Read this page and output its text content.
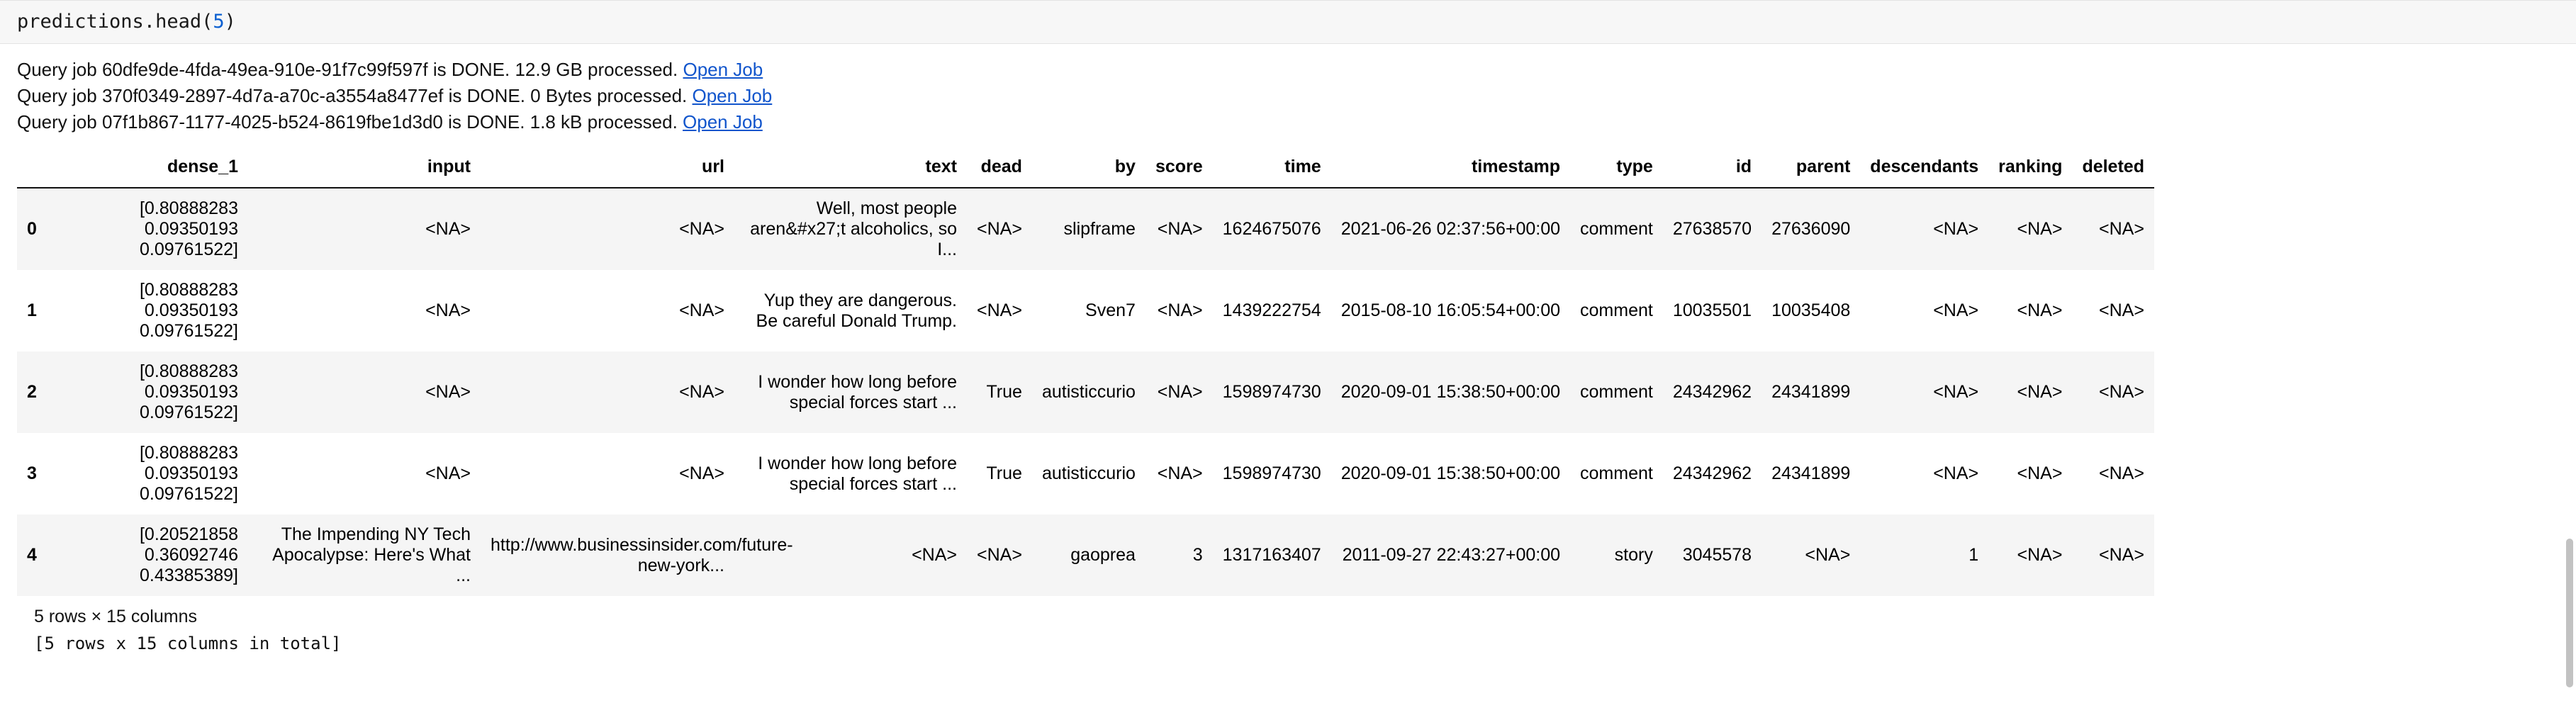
predictions.head(5)
Query job 60dfe9de-4fda-49ea-910e-91f7c99f597f is DONE. 12.9 GB processed. Open Job
Query job 370f0349-2897-4d7a-a70c-a3554a8477ef is DONE. 0 Bytes processed. Open Job
Query job 07f1b867-1177-4025-b524-8619fbe1d3d0 is DONE. 1.8 kB processed. Open Job
	dense_1	input	url	text	dead	by	score	time	timestamp	type	id	parent	descendants	ranking	deleted
0	[0.80888283 0.09350193 0.09761522]	<NA>	<NA>	Well, most people aren&#x27;t alcoholics, so I...	<NA>	slipframe	<NA>	1624675076	2021-06-26 02:37:56+00:00	comment	27638570	27636090	<NA>	<NA>	<NA>
1	[0.80888283 0.09350193 0.09761522]	<NA>	<NA>	Yup they are dangerous. Be careful Donald Trump.	<NA>	Sven7	<NA>	1439222754	2015-08-10 16:05:54+00:00	comment	10035501	10035408	<NA>	<NA>	<NA>
2	[0.80888283 0.09350193 0.09761522]	<NA>	<NA>	I wonder how long before special forces start ...	True	autisticcurio	<NA>	1598974730	2020-09-01 15:38:50+00:00	comment	24342962	24341899	<NA>	<NA>	<NA>
3	[0.80888283 0.09350193 0.09761522]	<NA>	<NA>	I wonder how long before special forces start ...	True	autisticcurio	<NA>	1598974730	2020-09-01 15:38:50+00:00	comment	24342962	24341899	<NA>	<NA>	<NA>
4	[0.20521858 0.36092746 0.43385389]	The Impending NY Tech Apocalypse: Here's What ...	http://www.businessinsider.com/future-new-york...	<NA>	<NA>	gaoprea	3	1317163407	2011-09-27 22:43:27+00:00	story	3045578	<NA>	1	<NA>	<NA>
5 rows × 15 columns
[5 rows x 15 columns in total]
